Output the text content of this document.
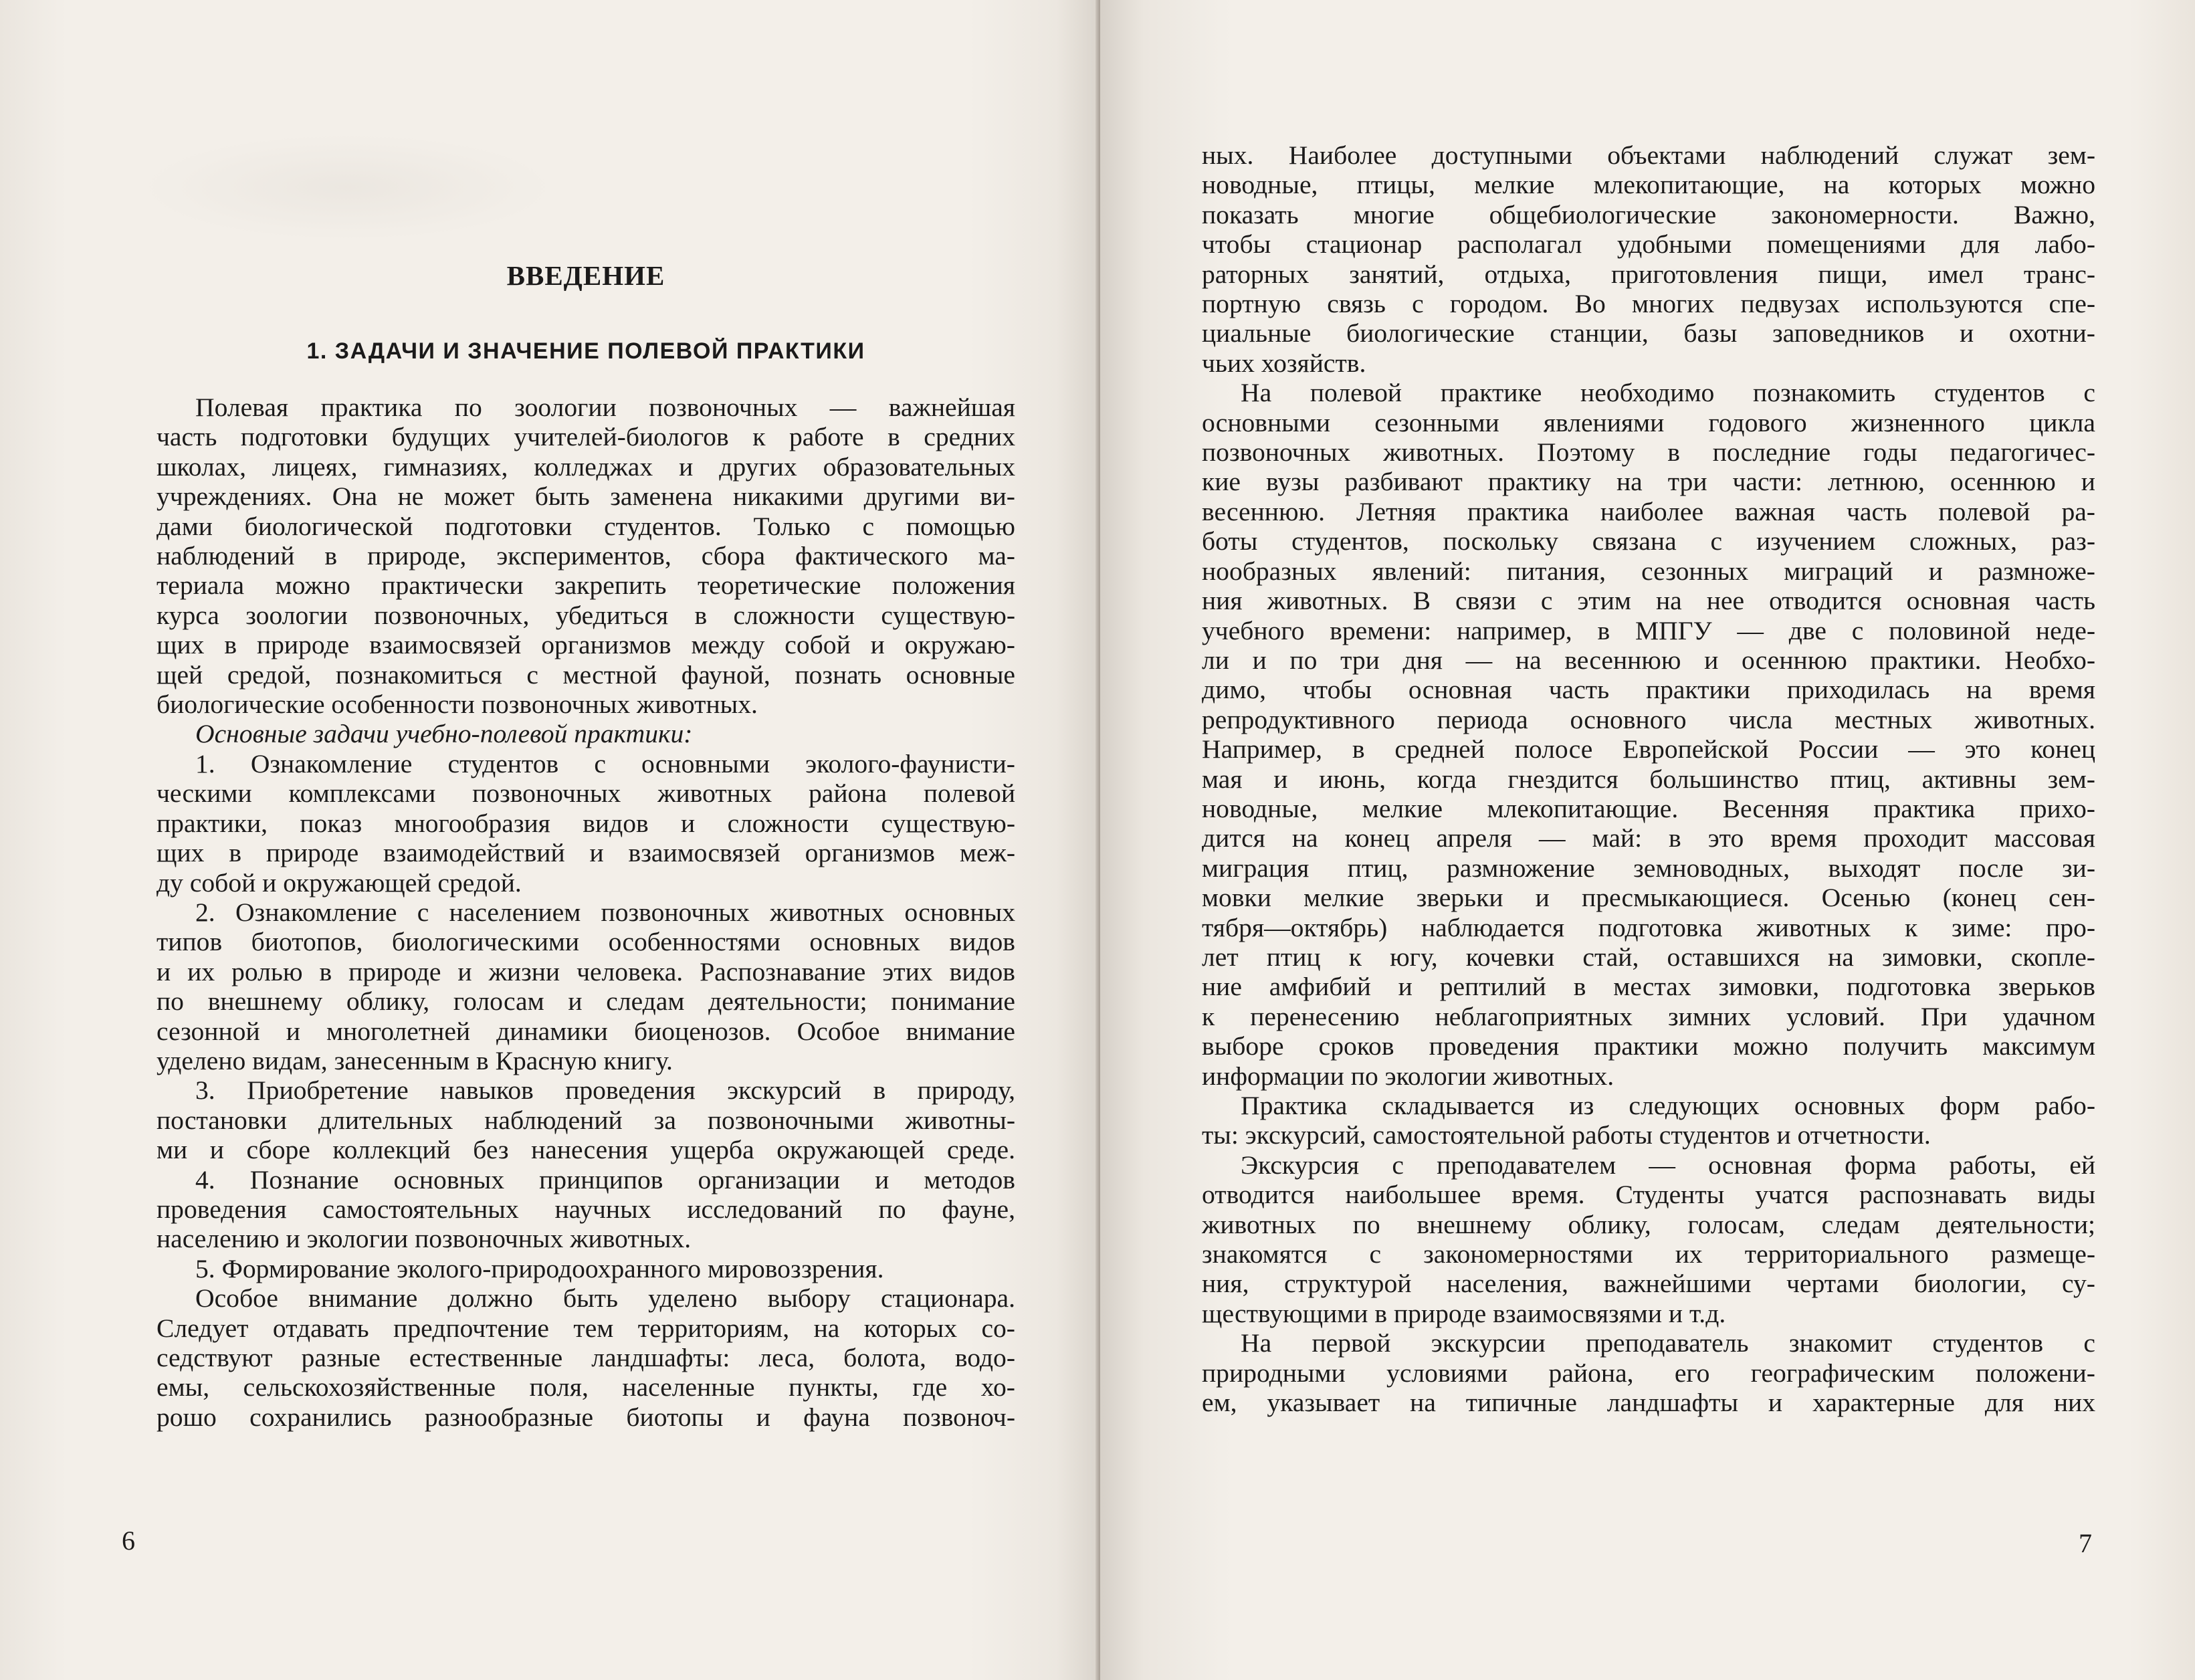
ВВЕДЕНИЕ
1. ЗАДАЧИ И ЗНАЧЕНИЕ ПОЛЕВОЙ ПРАКТИКИ
Полевая практика по зоологии позвоночных — важнейшая
часть подготовки будущих учителей-биологов к работе в средних
школах, лицеях, гимназиях, колледжах и других образовательных
учреждениях. Она не может быть заменена никакими другими ви-
дами биологической подготовки студентов. Только с помощью
наблюдений в природе, экспериментов, сбора фактического ма-
териала можно практически закрепить теоретические положения
курса зоологии позвоночных, убедиться в сложности существую-
щих в природе взаимосвязей организмов между собой и окружаю-
щей средой, познакомиться с местной фауной, познать основные
биологические особенности позвоночных животных.
Основные задачи учебно-полевой практики:
1. Ознакомление студентов с основными эколого-фаунисти-
ческими комплексами позвоночных животных района полевой
практики, показ многообразия видов и сложности существую-
щих в природе взаимодействий и взаимосвязей организмов меж-
ду собой и окружающей средой.
2. Ознакомление с населением позвоночных животных основных
типов биотопов, биологическими особенностями основных видов
и их ролью в природе и жизни человека. Распознавание этих видов
по внешнему облику, голосам и следам деятельности; понимание
сезонной и многолетней динамики биоценозов. Особое внимание
уделено видам, занесенным в Красную книгу.
3. Приобретение навыков проведения экскурсий в природу,
постановки длительных наблюдений за позвоночными животны-
ми и сборе коллекций без нанесения ущерба окружающей среде.
4. Познание основных принципов организации и методов
проведения самостоятельных научных исследований по фауне,
населению и экологии позвоночных животных.
5. Формирование эколого-природоохранного мировоззрения.
Особое внимание должно быть уделено выбору стационара.
Следует отдавать предпочтение тем территориям, на которых со-
седствуют разные естественные ландшафты: леса, болота, водо-
емы, сельскохозяйственные поля, населенные пункты, где хо-
рошо сохранились разнообразные биотопы и фауна позвоноч-
6
ных. Наиболее доступными объектами наблюдений служат зем-
новодные, птицы, мелкие млекопитающие, на которых можно
показать многие общебиологические закономерности. Важно,
чтобы стационар располагал удобными помещениями для лабо-
раторных занятий, отдыха, приготовления пищи, имел транс-
портную связь с городом. Во многих педвузах используются спе-
циальные биологические станции, базы заповедников и охотни-
чьих хозяйств.
На полевой практике необходимо познакомить студентов с
основными сезонными явлениями годового жизненного цикла
позвоночных животных. Поэтому в последние годы педагогичес-
кие вузы разбивают практику на три части: летнюю, осеннюю и
весеннюю. Летняя практика наиболее важная часть полевой ра-
боты студентов, поскольку связана с изучением сложных, раз-
нообразных явлений: питания, сезонных миграций и размноже-
ния животных. В связи с этим на нее отводится основная часть
учебного времени: например, в МПГУ — две с половиной неде-
ли и по три дня — на весеннюю и осеннюю практики. Необхо-
димо, чтобы основная часть практики приходилась на время
репродуктивного периода основного числа местных животных.
Например, в средней полосе Европейской России — это конец
мая и июнь, когда гнездится большинство птиц, активны зем-
новодные, мелкие млекопитающие. Весенняя практика прихо-
дится на конец апреля — май: в это время проходит массовая
миграция птиц, размножение земноводных, выходят после зи-
мовки мелкие зверьки и пресмыкающиеся. Осенью (конец сен-
тября—октябрь) наблюдается подготовка животных к зиме: про-
лет птиц к югу, кочевки стай, оставшихся на зимовки, скопле-
ние амфибий и рептилий в местах зимовки, подготовка зверьков
к перенесению неблагоприятных зимних условий. При удачном
выборе сроков проведения практики можно получить максимум
информации по экологии животных.
Практика складывается из следующих основных форм рабо-
ты: экскурсий, самостоятельной работы студентов и отчетности.
Экскурсия с преподавателем — основная форма работы, ей
отводится наибольшее время. Студенты учатся распознавать виды
животных по внешнему облику, голосам, следам деятельности;
знакомятся с закономерностями их территориального размеще-
ния, структурой населения, важнейшими чертами биологии, су-
ществующими в природе взаимосвязями и т.д.
На первой экскурсии преподаватель знакомит студентов с
природными условиями района, его географическим положени-
ем, указывает на типичные ландшафты и характерные для них
7
